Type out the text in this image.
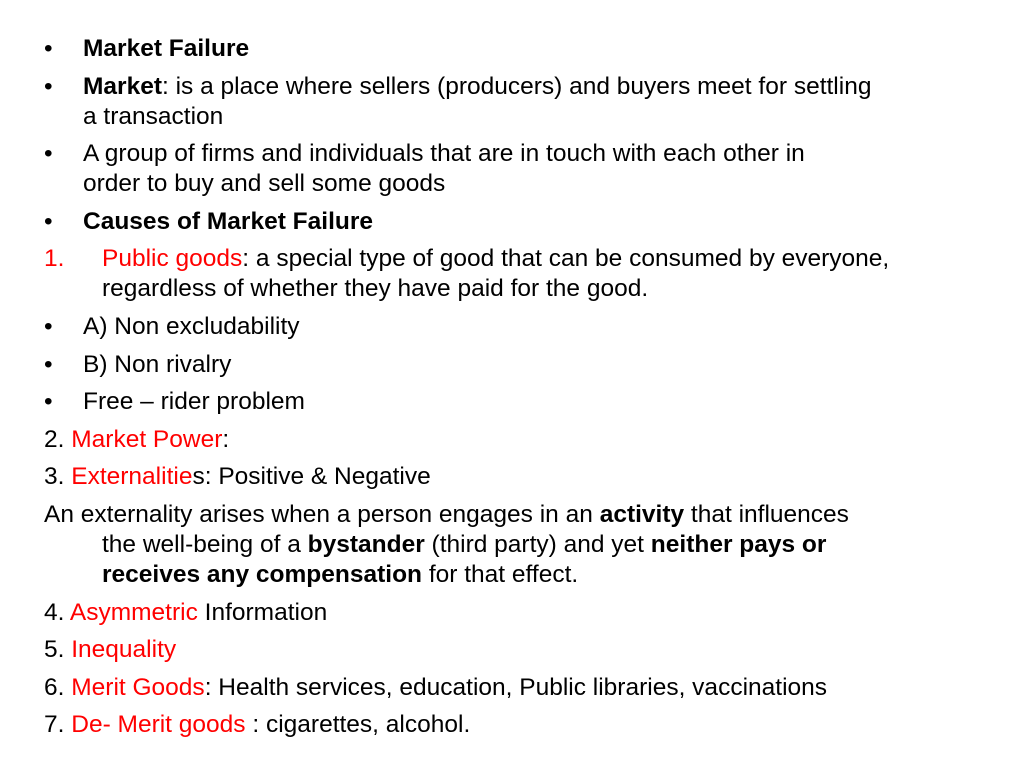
• Market Failure
• Market: is a place where sellers (producers) and buyers meet for settling
a transaction
• A group of firms and individuals that are in touch with each other in
order to buy and sell some goods
• Causes of Market Failure
1. Public goods: a special type of good that can be consumed by everyone,
regardless of whether they have paid for the good.
• A) Non excludability
• B) Non rivalry
• Free – rider problem
2. Market Power:
3. Externalities: Positive & Negative
An externality arises when a person engages in an activity that influences
the well-being of a bystander (third party) and yet neither pays or
receives any compensation for that effect.
4. Asymmetric Information
5. Inequality
6. Merit Goods: Health services, education, Public libraries, vaccinations
7. De- Merit goods : cigarettes, alcohol.
